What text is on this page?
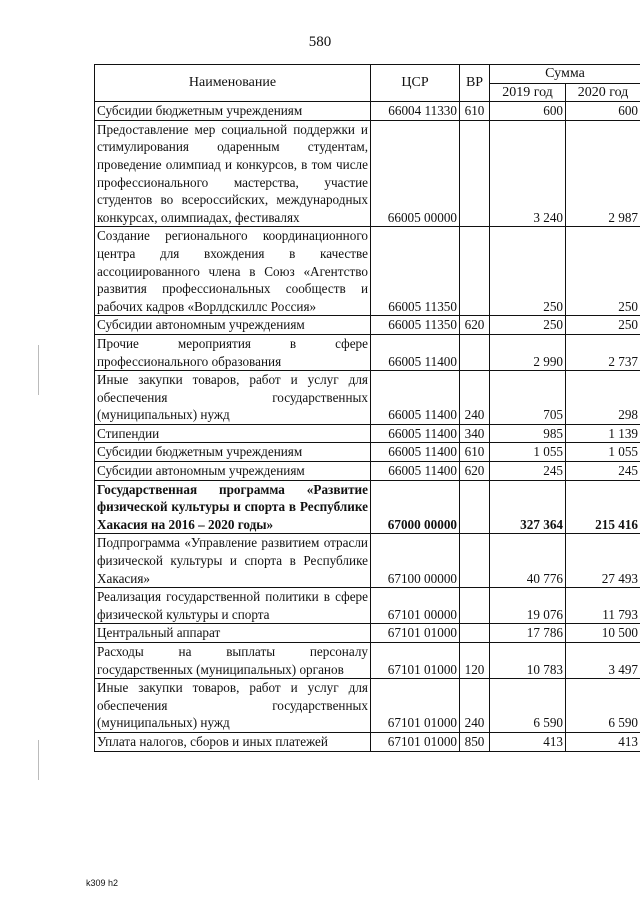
580
Наименование	ЦСР	ВР	Сумма	
			2019 год	2020 год
Субсидии бюджетным учреждениям	66004 11330	610	600	600
Предоставление мер социальной поддержки и стимулирования одаренным студентам, проведение олимпиад и конкурсов, в том числе профессионального мастерства, участие студентов во всероссийских, международных конкурсах, олимпиадах, фестивалях	66005 00000		3 240	2 987
Создание регионального координационного центра для вхождения в качестве ассоциированного члена в Союз «Агентство развития профессиональных сообществ и рабочих кадров «Ворлдскиллс Россия»	66005 11350		250	250
Субсидии автономным учреждениям	66005 11350	620	250	250
Прочие мероприятия в сфере профессионального образования	66005 11400		2 990	2 737
Иные закупки товаров, работ и услуг для обеспечения государственных (муниципальных) нужд	66005 11400	240	705	298
Стипендии	66005 11400	340	985	1 139
Субсидии бюджетным учреждениям	66005 11400	610	1 055	1 055
Субсидии автономным учреждениям	66005 11400	620	245	245
Государственная программа «Развитие физической культуры и спорта в Республике Хакасия на 2016 – 2020 годы»	67000 00000		327 364	215 416
Подпрограмма «Управление развитием отрасли физической культуры и спорта в Республике Хакасия»	67100 00000		40 776	27 493
Реализация государственной политики в сфере физической культуры и спорта	67101 00000		19 076	11 793
Центральный аппарат	67101 01000		17 786	10 500
Расходы на выплаты персоналу государственных (муниципальных) органов	67101 01000	120	10 783	3 497
Иные закупки товаров, работ и услуг для обеспечения государственных (муниципальных) нужд	67101 01000	240	6 590	6 590
Уплата налогов, сборов и иных платежей	67101 01000	850	413	413
k309 h2
